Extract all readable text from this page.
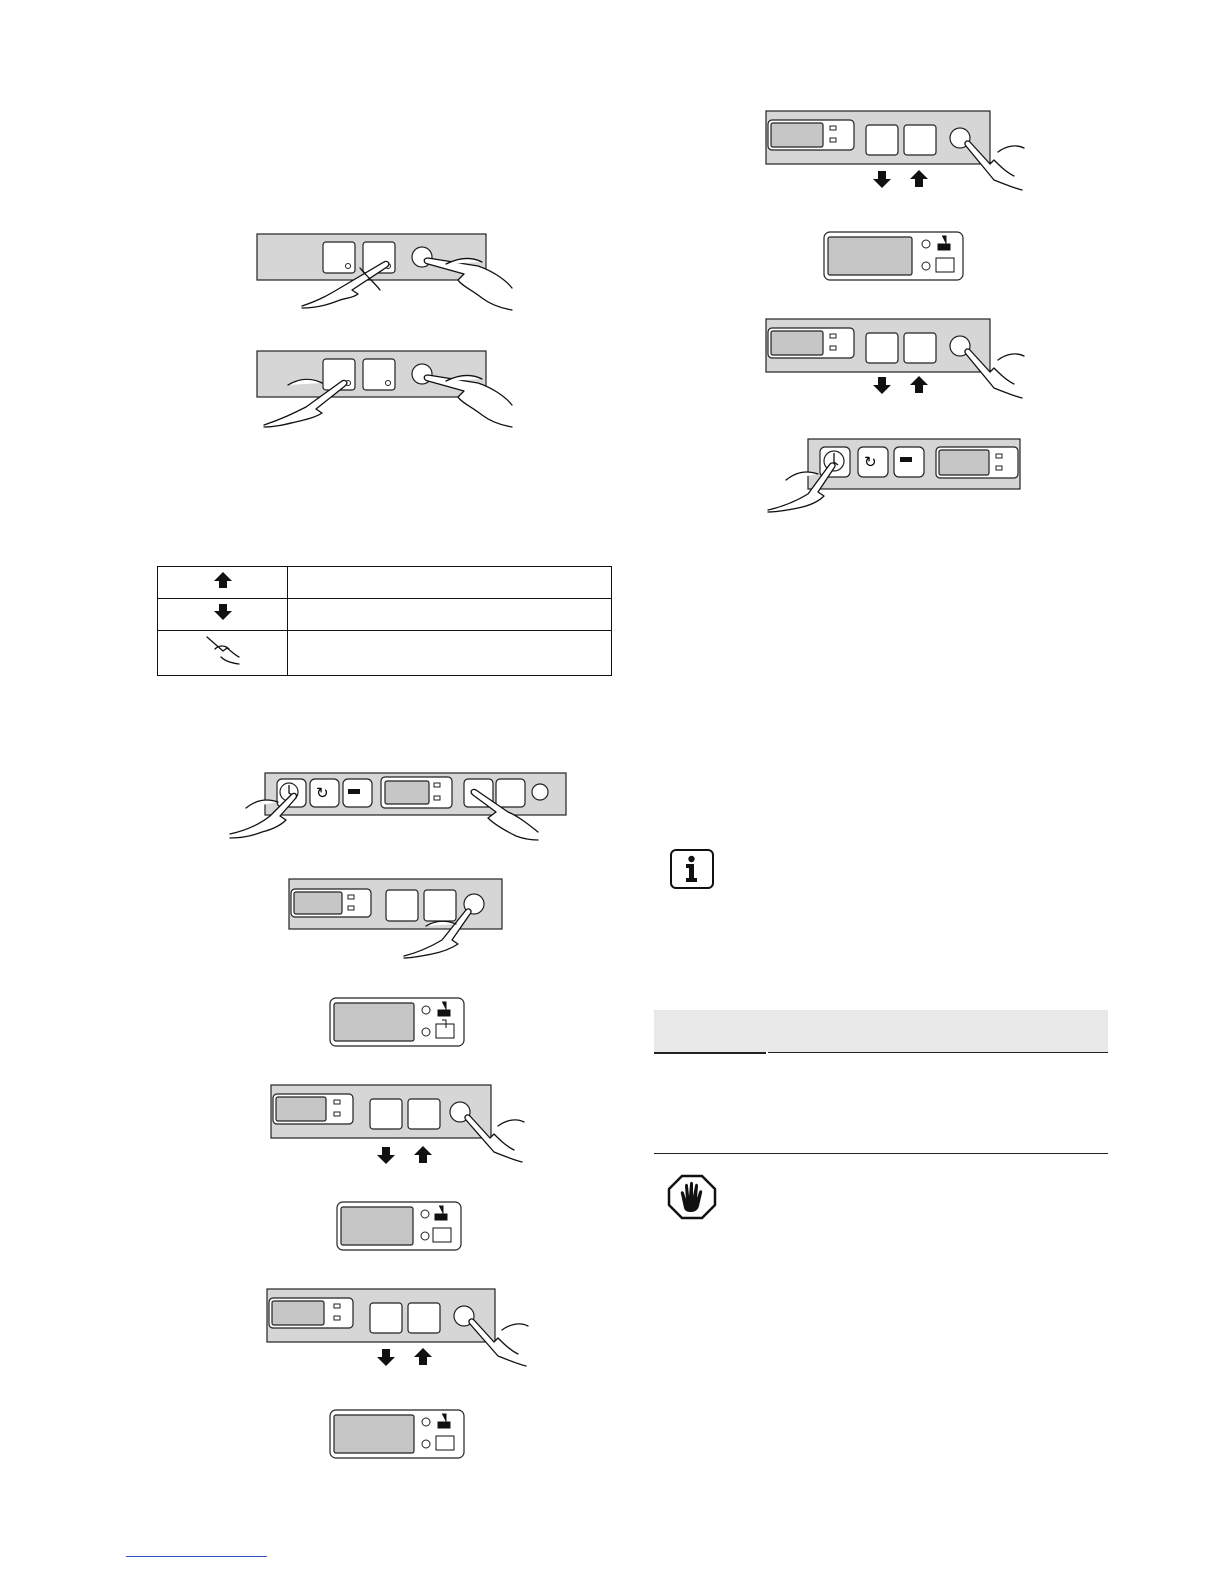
↻
↻
